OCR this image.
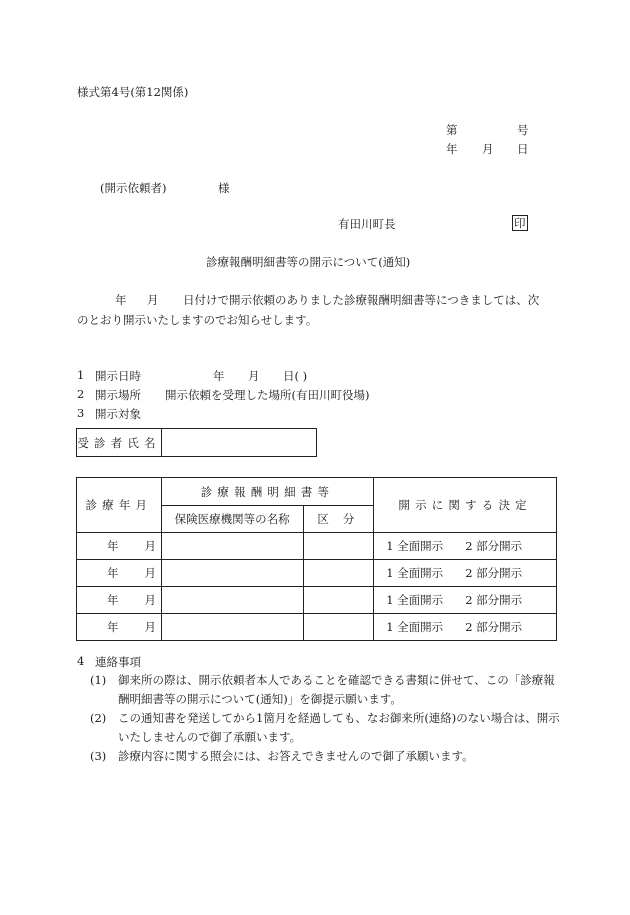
様式第4号(第12関係)
第	号
年 月 日
(開示依頼者)	様
有田川町長	印
診療報酬明細書等の開示について(通知)
年 月 日付けで開示依頼のありました診療報酬明細書等につきましては、次
のとおり開示いたしますのでお知らせします。
1 開示日時	年 月 日( )
2 開示場所 開示依頼を受理した場所(有田川町役場)
3 開示対象
受診者氏名	
診療年月	診療報酬明細書等		開示に関する決定
	保険医療機関等の名称	区 分	
年 月			1 全面開示 2 部分開示
年 月			1 全面開示 2 部分開示
年 月			1 全面開示 2 部分開示
年 月			1 全面開示 2 部分開示
4 連絡事項
(1) 御来所の際は、開示依頼者本人であることを確認できる書類に併せて、この「診療報酬明細書等の開示について(通知)」を御提示願います。
(2) この通知書を発送してから1箇月を経過しても、なお御来所(連絡)のない場合は、開示いたしませんので御了承願います。
(3) 診療内容に関する照会には、お答えできませんので御了承願います。
